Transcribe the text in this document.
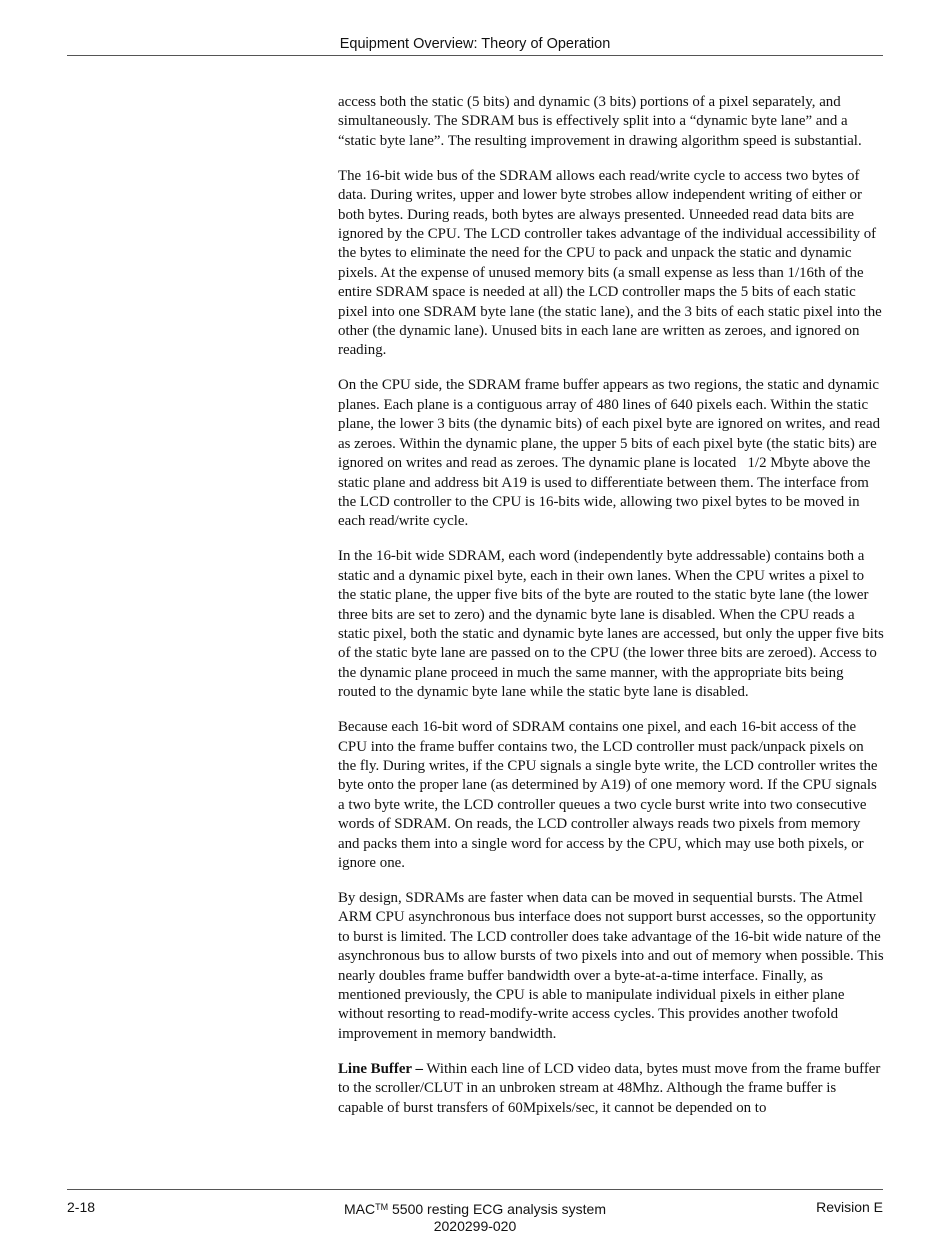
Equipment Overview: Theory of Operation

access both the static (5 bits) and dynamic (3 bits) portions of a pixel separately, and simultaneously. The SDRAM bus is effectively split into a “dynamic byte lane” and a “static byte lane”. The resulting improvement in drawing algorithm speed is substantial.

The 16-bit wide bus of the SDRAM allows each read/write cycle to access two bytes of data. During writes, upper and lower byte strobes allow independent writing of either or both bytes. During reads, both bytes are always presented. Unneeded read data bits are ignored by the CPU. The LCD controller takes advantage of the individual accessibility of the bytes to eliminate the need for the CPU to pack and unpack the static and dynamic pixels. At the expense of unused memory bits (a small expense as less than 1/16th of the entire SDRAM space is needed at all) the LCD controller maps the 5 bits of each static pixel into one SDRAM byte lane (the static lane), and the 3 bits of each static pixel into the other (the dynamic lane). Unused bits in each lane are written as zeroes, and ignored on reading.

On the CPU side, the SDRAM frame buffer appears as two regions, the static and dynamic planes. Each plane is a contiguous array of 480 lines of 640 pixels each. Within the static plane, the lower 3 bits (the dynamic bits) of each pixel byte are ignored on writes, and read as zeroes. Within the dynamic plane, the upper 5 bits of each pixel byte (the static bits) are ignored on writes and read as zeroes. The dynamic plane is located   1/2 Mbyte above the static plane and address bit A19 is used to differentiate between them. The interface from the LCD controller to the CPU is 16-bits wide, allowing two pixel bytes to be moved in each read/write cycle.

In the 16-bit wide SDRAM, each word (independently byte addressable) contains both a static and a dynamic pixel byte, each in their own lanes. When the CPU writes a pixel to the static plane, the upper five bits of the byte are routed to the static byte lane (the lower three bits are set to zero) and the dynamic byte lane is disabled. When the CPU reads a static pixel, both the static and dynamic byte lanes are accessed, but only the upper five bits of the static byte lane are passed on to the CPU (the lower three bits are zeroed). Access to the dynamic plane proceed in much the same manner, with the appropriate bits being routed to the dynamic byte lane while the static byte lane is disabled.

Because each 16-bit word of SDRAM contains one pixel, and each 16-bit access of the CPU into the frame buffer contains two, the LCD controller must pack/unpack pixels on the fly. During writes, if the CPU signals a single byte write, the LCD controller writes the byte onto the proper lane (as determined by A19) of one memory word. If the CPU signals a two byte write, the LCD controller queues a two cycle burst write into two consecutive words of SDRAM. On reads, the LCD controller always reads two pixels from memory and packs them into a single word for access by the CPU, which may use both pixels, or ignore one.

By design, SDRAMs are faster when data can be moved in sequential bursts. The Atmel ARM CPU asynchronous bus interface does not support burst accesses, so the opportunity to burst is limited. The LCD controller does take advantage of the 16-bit wide nature of the asynchronous bus to allow bursts of two pixels into and out of memory when possible. This nearly doubles frame buffer bandwidth over a byte-at-a-time interface. Finally, as mentioned previously, the CPU is able to manipulate individual pixels in either plane without resorting to read-modify-write access cycles. This provides another twofold improvement in memory bandwidth.

Line Buffer – Within each line of LCD video data, bytes must move from the frame buffer to the scroller/CLUT in an unbroken stream at 48Mhz. Although the frame buffer is capable of burst transfers of 60Mpixels/sec, it cannot be depended on to

2-18	MAC™ 5500 resting ECG analysis system
2020299-020
Revision E
